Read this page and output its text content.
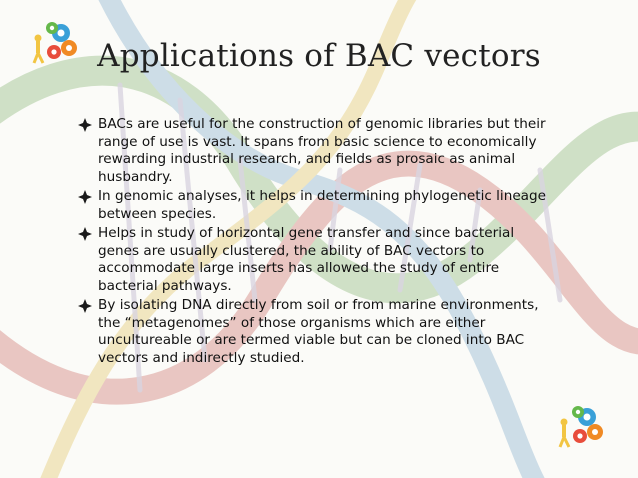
Applications of BAC vectors
BACs are useful for the construction of genomic libraries but their range of use is vast. It spans from basic science to economically rewarding industrial research, and fields as prosaic as animal husbandry.
In genomic analyses, it helps in determining phylogenetic lineage between species.
Helps in study of horizontal gene transfer and since bacterial genes are usually clustered, the ability of BAC vectors to accommodate large inserts has allowed the study of entire bacterial pathways.
By isolating DNA directly from soil or from marine environments, the “metagenomes” of those organisms which are either uncultureable or are termed viable but can be cloned into BAC vectors and indirectly studied.
